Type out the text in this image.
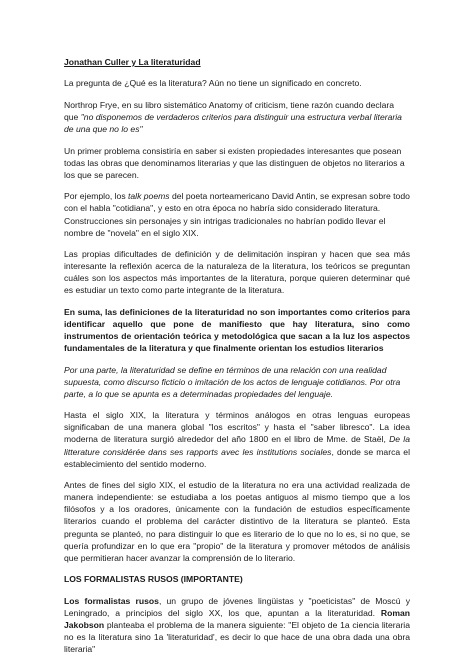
Jonathan Culler y La literaturidad

La pregunta de ¿Qué es la literatura? Aún no tiene un significado en concreto.

Northrop Frye, en su libro sistemático Anatomy of criticism, tiene razón cuando declara que "no disponemos de verdaderos criterios para distinguir una estructura verbal literaria de una que no lo es"

Un primer problema consistiría en saber si existen propiedades interesantes que posean todas las obras que denominamos literarias y que las distinguen de objetos no literarios a los que se parecen.

Por ejemplo, los talk poems del poeta norteamericano David Antin, se expresan sobre todo con el habla "cotidiana", y esto en otra época no habría sido considerado literatura. Construcciones sin personajes y sin intrigas tradicionales no habrían podido llevar el nombre de "novela" en el siglo XIX.

Las propias dificultades de definición y de delimitación inspiran y hacen que sea más interesante la reflexión acerca de la naturaleza de la literatura, los teóricos se preguntan cuáles son los aspectos más importantes de la literatura, porque quieren determinar qué es estudiar un texto como parte integrante de la literatura.

En suma, las definiciones de la literaturidad no son importantes como criterios para identificar aquello que pone de manifiesto que hay literatura, sino como instrumentos de orientación teórica y metodológica que sacan a la luz los aspectos fundamentales de la literatura y que finalmente orientan los estudios literarios

Por una parte, la literaturidad se define en términos de una relación con una realidad supuesta, como discurso ficticio o imitación de los actos de lenguaje cotidianos. Por otra parte, a lo que se apunta es a determinadas propiedades del lenguaje.

Hasta el siglo XIX, la literatura y términos análogos en otras lenguas europeas significaban de una manera global "los escritos" y hasta el "saber libresco". La idea moderna de literatura surgió alrededor del año 1800 en el libro de Mme. de Staël, De la litterature considérée dans ses rapports avec les institutions sociales, donde se marca el establecimiento del sentido moderno.

Antes de fines del siglo XIX, el estudio de la literatura no era una actividad realizada de manera independiente: se estudiaba a los poetas antiguos al mismo tiempo que a los filósofos y a los oradores, únicamente con la fundación de estudios específicamente literarios cuando el problema del carácter distintivo de la literatura se planteó. Esta pregunta se planteó, no para distinguir lo que es literario de lo que no lo es, si no que, se quería profundizar en lo que era "propio" de la literatura y promover métodos de análisis que permitieran hacer avanzar la comprensión de lo literario.

LOS FORMALISTAS RUSOS (IMPORTANTE)

Los formalistas rusos, un grupo de jóvenes lingüistas y "poeticistas" de Moscú y Leningrado, a principios del siglo XX, los que, apuntan a la literaturidad. Roman Jakobson planteaba el problema de la manera siguiente: "El objeto de 1a ciencia literaria no es la literatura sino 1a 'literaturidad', es decir lo que hace de una obra dada una obra literaria"
